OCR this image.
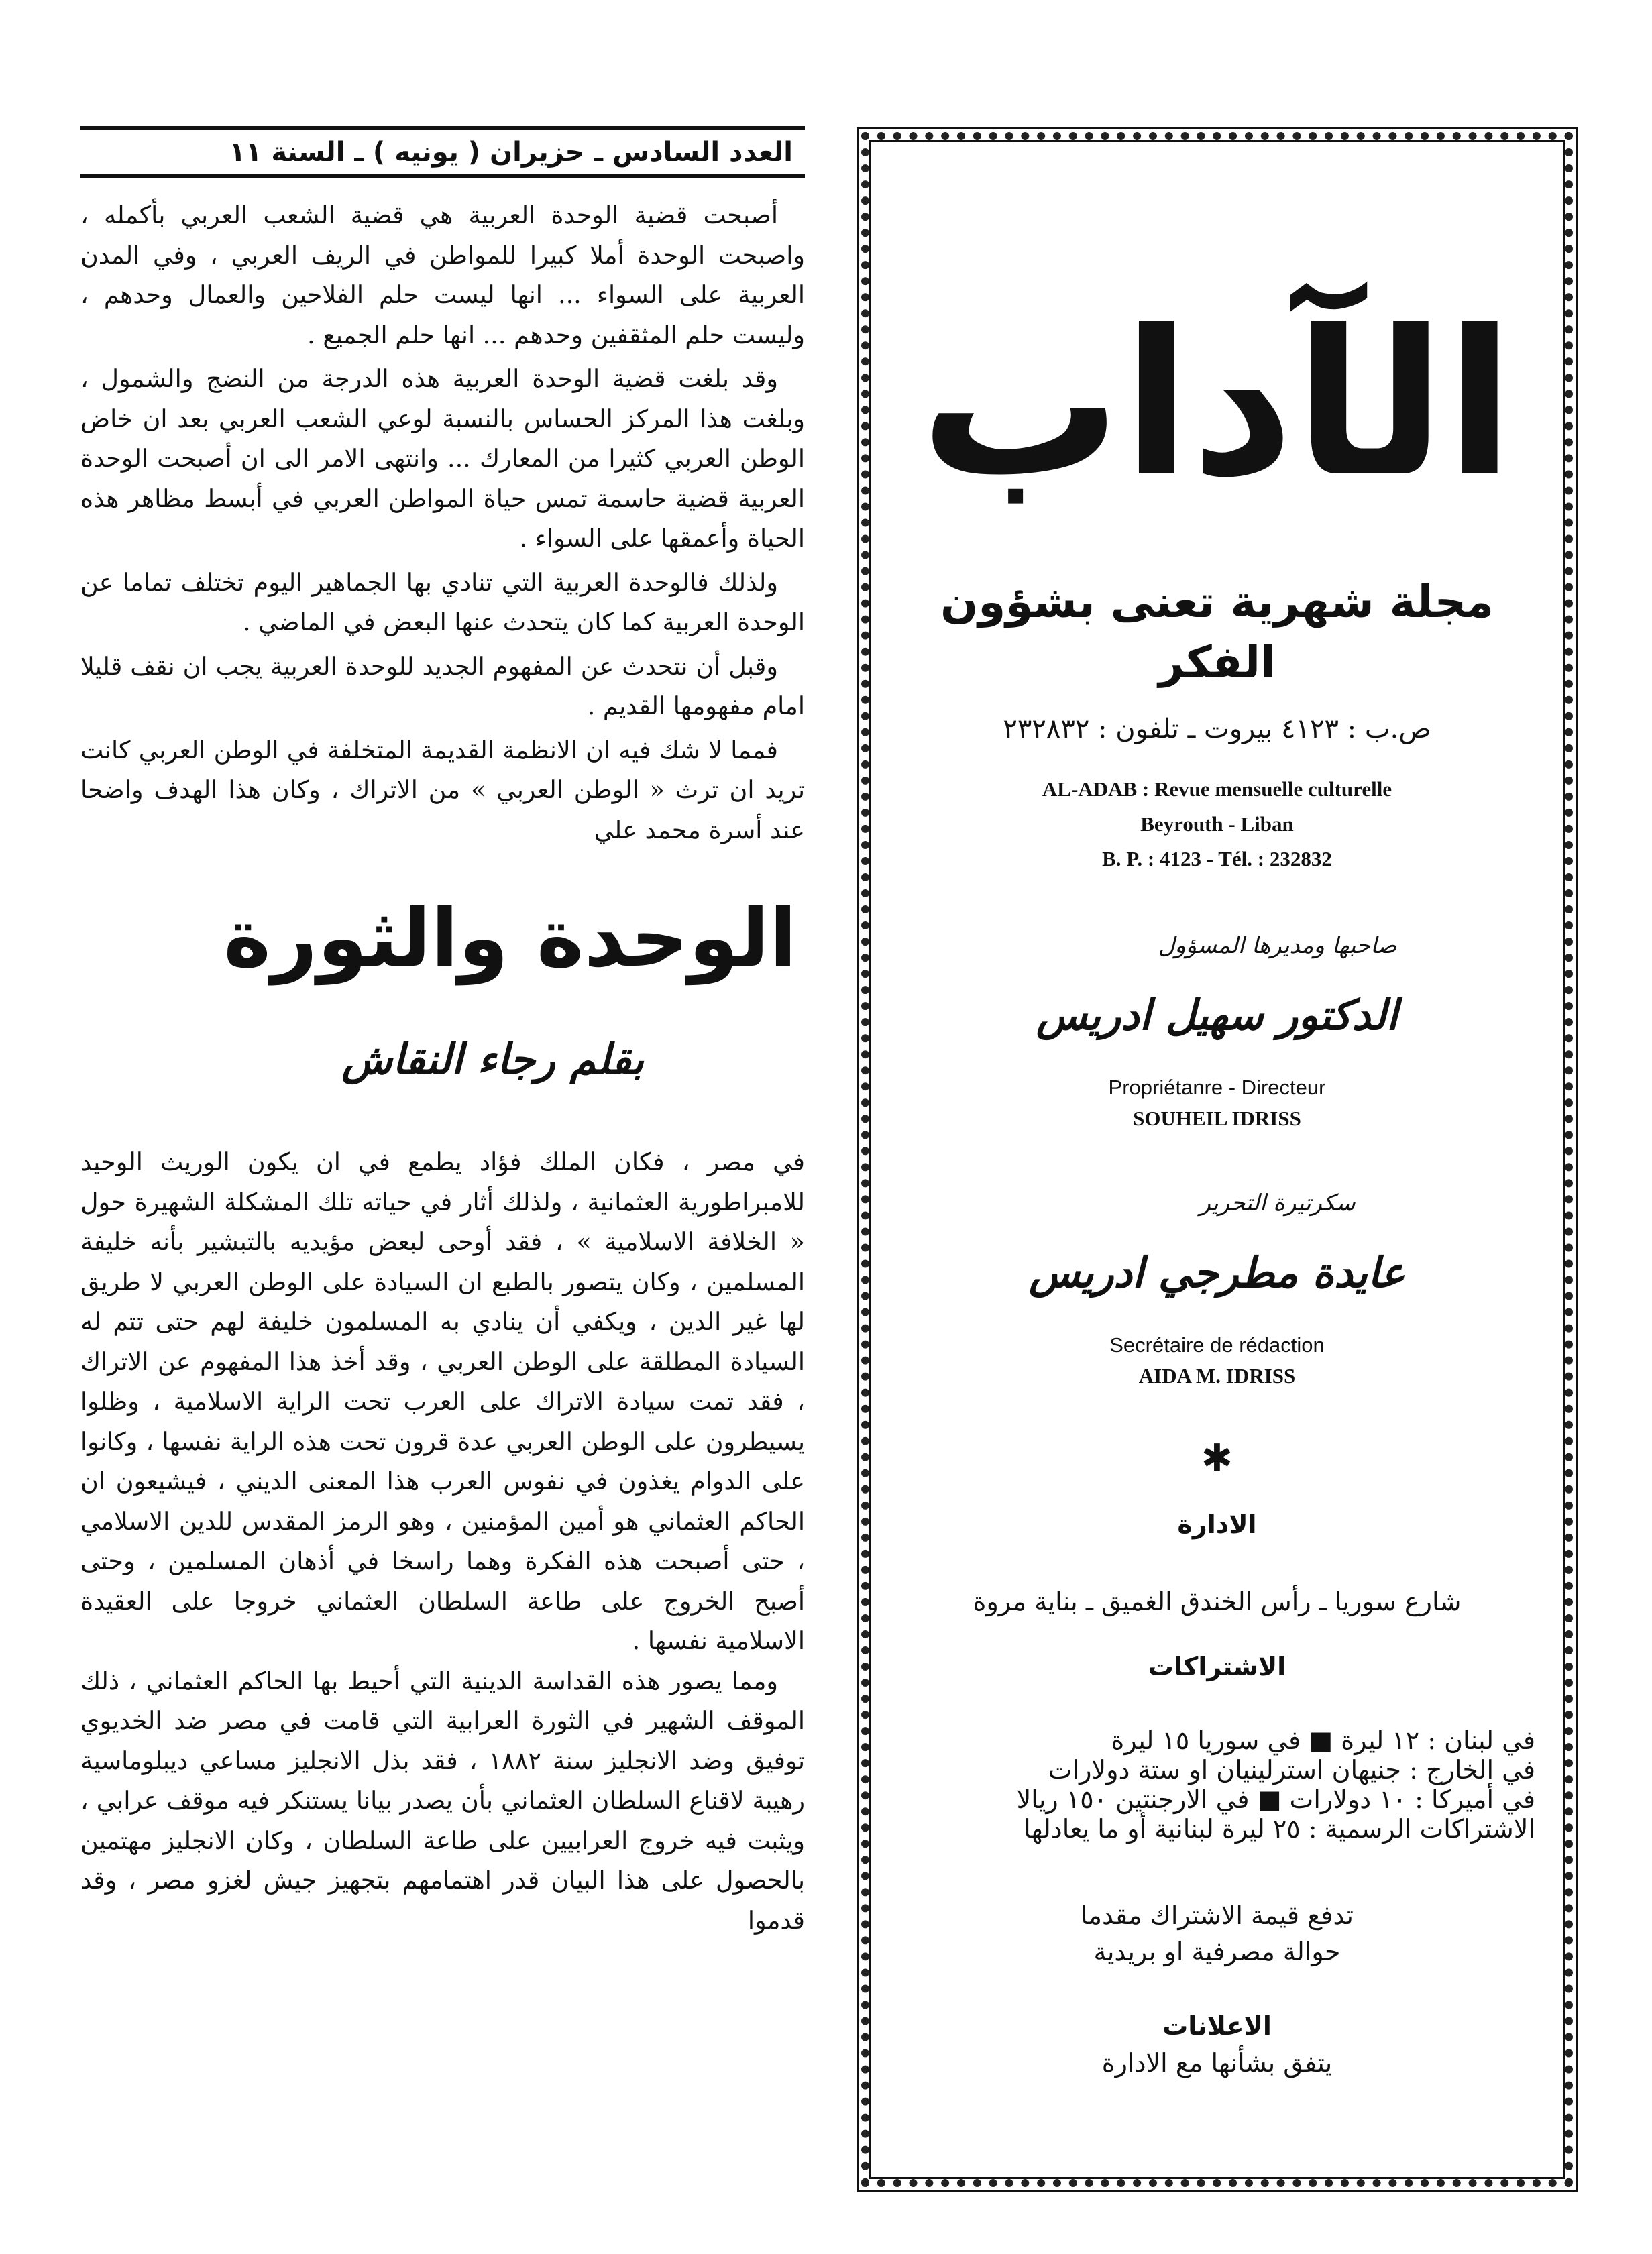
العدد السادس ـ حزيران ( يونيه ) ـ السنة ١١

أصبحت قضية الوحدة العربية هي قضية الشعب العربي بأكمله ، واصبحت الوحدة أملا كبيرا للمواطن في الريف العربي ، وفي المدن العربية على السواء ... انها ليست حلم الفلاحين والعمال وحدهم ، وليست حلم المثقفين وحدهم ... انها حلم الجميع .

وقد بلغت قضية الوحدة العربية هذه الدرجة من النضج والشمول ، وبلغت هذا المركز الحساس بالنسبة لوعي الشعب العربي بعد ان خاض الوطن العربي كثيرا من المعارك ... وانتهى الامر الى ان أصبحت الوحدة العربية قضية حاسمة تمس حياة المواطن العربي في أبسط مظاهر هذه الحياة وأعمقها على السواء .

ولذلك فالوحدة العربية التي تنادي بها الجماهير اليوم تختلف تماما عن الوحدة العربية كما كان يتحدث عنها البعض في الماضي .

وقبل أن نتحدث عن المفهوم الجديد للوحدة العربية يجب ان نقف قليلا امام مفهومها القديم .

فمما لا شك فيه ان الانظمة القديمة المتخلفة في الوطن العربي كانت تريد ان ترث « الوطن العربي » من الاتراك ، وكان هذا الهدف واضحا عند أسرة محمد علي

الوحدة والثورة
بقلم رجاء النقاش

في مصر ، فكان الملك فؤاد يطمع في ان يكون الوريث الوحيد للامبراطورية العثمانية ، ولذلك أثار في حياته تلك المشكلة الشهيرة حول « الخلافة الاسلامية » ، فقد أوحى لبعض مؤيديه بالتبشير بأنه خليفة المسلمين ، وكان يتصور بالطبع ان السيادة على الوطن العربي لا طريق لها غير الدين ، ويكفي أن ينادي به المسلمون خليفة لهم حتى تتم له السيادة المطلقة على الوطن العربي ، وقد أخذ هذا المفهوم عن الاتراك ، فقد تمت سيادة الاتراك على العرب تحت الراية الاسلامية ، وظلوا يسيطرون على الوطن العربي عدة قرون تحت هذه الراية نفسها ، وكانوا على الدوام يغذون في نفوس العرب هذا المعنى الديني ، فيشيعون ان الحاكم العثماني هو أمين المؤمنين ، وهو الرمز المقدس للدين الاسلامي ، حتى أصبحت هذه الفكرة وهما راسخا في أذهان المسلمين ، وحتى أصبح الخروج على طاعة السلطان العثماني خروجا على العقيدة الاسلامية نفسها .

ومما يصور هذه القداسة الدينية التي أحيط بها الحاكم العثماني ، ذلك الموقف الشهير في الثورة العرابية التي قامت في مصر ضد الخديوي توفيق وضد الانجليز سنة ١٨٨٢ ، فقد بذل الانجليز مساعي ديبلوماسية رهيبة لاقناع السلطان العثماني بأن يصدر بيانا يستنكر فيه موقف عرابي ، ويثبت فيه خروج العرابيين على طاعة السلطان ، وكان الانجليز مهتمين بالحصول على هذا البيان قدر اهتمامهم بتجهيز جيش لغزو مصر ، وقد قدموا

الآداب
مجلة شهرية تعنى بشؤون الفكر
ص.ب : ٤١٢٣ بيروت ـ تلفون : ٢٣٢٨٣٢
AL-ADAB : Revue mensuelle culturelle
Beyrouth - Liban
B. P. : 4123 - Tél. : 232832
صاحبها ومديرها المسؤول
الدكتور سهيل ادريس
Propriétanre - Directeur
SOUHEIL IDRISS
سكرتيرة التحرير
عايدة مطرجي ادريس
Secrétaire de rédaction
AIDA M. IDRISS
✱
الادارة
شارع سوريا ـ رأس الخندق الغميق ـ بناية مروة
الاشتراكات
في لبنان : ١٢ ليرة ■ في سوريا ١٥ ليرة
في الخارج : جنيهان استرلينيان او ستة دولارات
في أميركا : ١٠ دولارات ■ في الارجنتين ١٥٠ ريالا
الاشتراكات الرسمية : ٢٥ ليرة لبنانية أو ما يعادلها
تدفع قيمة الاشتراك مقدما
حوالة مصرفية او بريدية
الاعلانات
يتفق بشأنها مع الادارة
